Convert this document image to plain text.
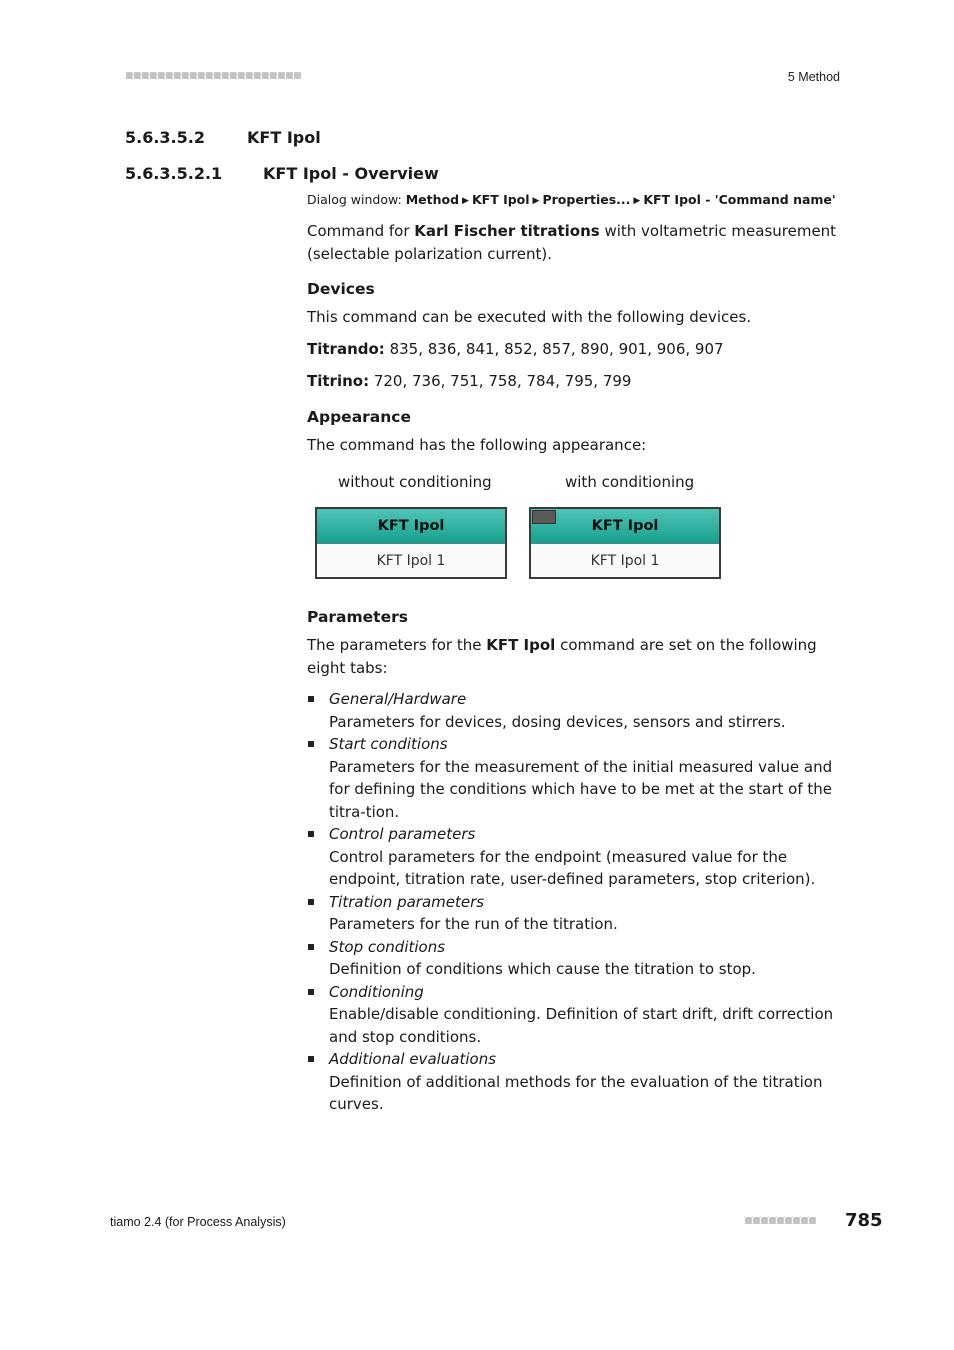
■■■■■■■■■■■■■■■■■■■■■■	5 Method
5.6.3.5.2	KFT Ipol
5.6.3.5.2.1	KFT Ipol - Overview
Dialog window: Method ▶ KFT Ipol ▶ Properties... ▶ KFT Ipol - 'Command name'
Command for Karl Fischer titrations with voltametric measurement (selectable polarization current).
Devices
This command can be executed with the following devices.
Titrando: 835, 836, 841, 852, 857, 890, 901, 906, 907
Titrino: 720, 736, 751, 758, 784, 795, 799
Appearance
The command has the following appearance:
without conditioning	with conditioning
KFT Ipol
KFT Ipol 1
KFT Ipol
KFT Ipol 1
Parameters
The parameters for the KFT Ipol command are set on the following eight tabs:
General/Hardware
Parameters for devices, dosing devices, sensors and stirrers.
Start conditions
Parameters for the measurement of the initial measured value and for defining the conditions which have to be met at the start of the titra-tion.
Control parameters
Control parameters for the endpoint (measured value for the endpoint, titration rate, user-defined parameters, stop criterion).
Titration parameters
Parameters for the run of the titration.
Stop conditions
Definition of conditions which cause the titration to stop.
Conditioning
Enable/disable conditioning. Definition of start drift, drift correction and stop conditions.
Additional evaluations
Definition of additional methods for the evaluation of the titration curves.
tiamo 2.4 (for Process Analysis)	■■■■■■■■■ 785
